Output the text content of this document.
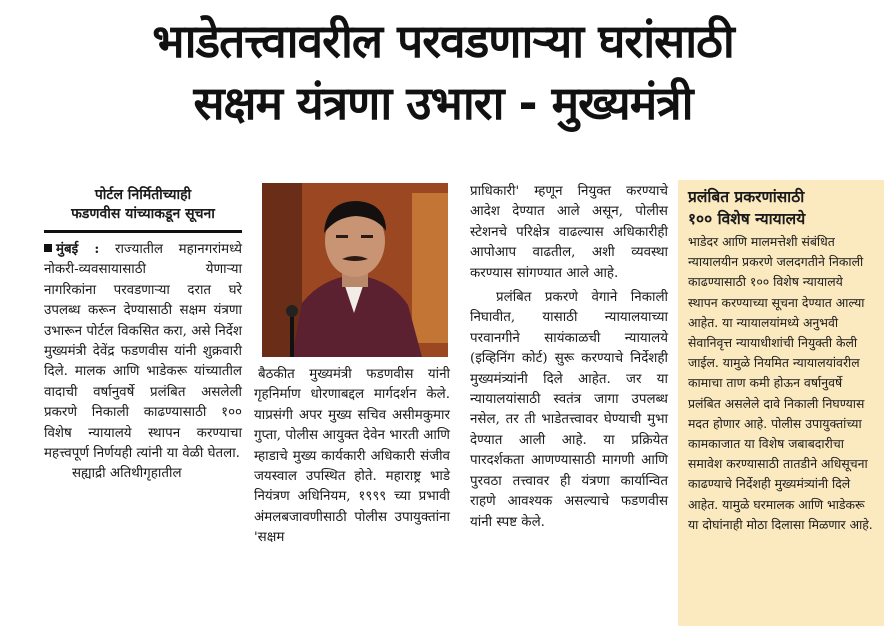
भाडेतत्त्वावरील परवडणाऱ्या घरांसाठी
सक्षम यंत्रणा उभारा - मुख्यमंत्री
पोर्टल निर्मितीच्याही
फडणवीस यांच्याकडून सूचना

मुंबई : राज्यातील महानगरांमध्ये नोकरी-व्यवसायासाठी येणाऱ्या नागरिकांना परवडणाऱ्या दरात घरे उपलब्ध करून देण्यासाठी सक्षम यंत्रणा उभारून पोर्टल विकसित करा, असे निर्देश मुख्यमंत्री देवेंद्र फडणवीस यांनी शुक्रवारी दिले. मालक आणि भाडेकरू यांच्यातील वादाची वर्षानुवर्षे प्रलंबित असलेली प्रकरणे निकाली काढण्यासाठी १०० विशेष न्यायालये स्थापन करण्याचा महत्त्वपूर्ण निर्णयही त्यांनी या वेळी घेतला.

सह्याद्री अतिथीगृहातील

बैठकीत मुख्यमंत्री फडणवीस यांनी गृहनिर्माण धोरणाबद्दल मार्गदर्शन केले. याप्रसंगी अपर मुख्य सचिव असीमकुमार गुप्ता, पोलीस आयुक्त देवेन भारती आणि म्हाडाचे मुख्य कार्यकारी अधिकारी संजीव जयस्वाल उपस्थित होते. महाराष्ट्र भाडे नियंत्रण अधिनियम, १९९९ च्या प्रभावी अंमलबजावणीसाठी पोलीस उपायुक्तांना 'सक्षम

प्राधिकारी' म्हणून नियुक्त करण्याचे आदेश देण्यात आले असून, पोलीस स्टेशनचे परिक्षेत्र वाढल्यास अधिकारीही आपोआप वाढतील, अशी व्यवस्था करण्यास सांगण्यात आले आहे.

प्रलंबित प्रकरणे वेगाने निकाली निघावीत, यासाठी न्यायालयाच्या परवानगीने सायंकाळची न्यायालये (इव्हिनिंग कोर्ट) सुरू करण्याचे निर्देशही मुख्यमंत्र्यांनी दिले आहेत. जर या न्यायालयांसाठी स्वतंत्र जागा उपलब्ध नसेल, तर ती भाडेतत्त्वावर घेण्याची मुभा देण्यात आली आहे. या प्रक्रियेत पारदर्शकता आणण्यासाठी मागणी आणि पुरवठा तत्त्वावर ही यंत्रणा कार्यान्वित राहणे आवश्यक असल्याचे फडणवीस यांनी स्पष्ट केले.

प्रलंबित प्रकरणांसाठी
१०० विशेष न्यायालये
भाडेदर आणि मालमत्तेशी संबंधित न्यायालयीन प्रकरणे जलदगतीने निकाली काढण्यासाठी १०० विशेष न्यायालये स्थापन करण्याच्या सूचना देण्यात आल्या आहेत. या न्यायालयांमध्ये अनुभवी सेवानिवृत्त न्यायाधीशांची नियुक्ती केली जाईल. यामुळे नियमित न्यायालयांवरील कामाचा ताण कमी होऊन वर्षानुवर्षे प्रलंबित असलेले दावे निकाली निघण्यास मदत होणार आहे. पोलीस उपायुक्तांच्या कामकाजात या विशेष जबाबदारीचा समावेश करण्यासाठी तातडीने अधिसूचना काढण्याचे निर्देशही मुख्यमंत्र्यांनी दिले आहेत. यामुळे घरमालक आणि भाडेकरू या दोघांनाही मोठा दिलासा मिळणार आहे.
